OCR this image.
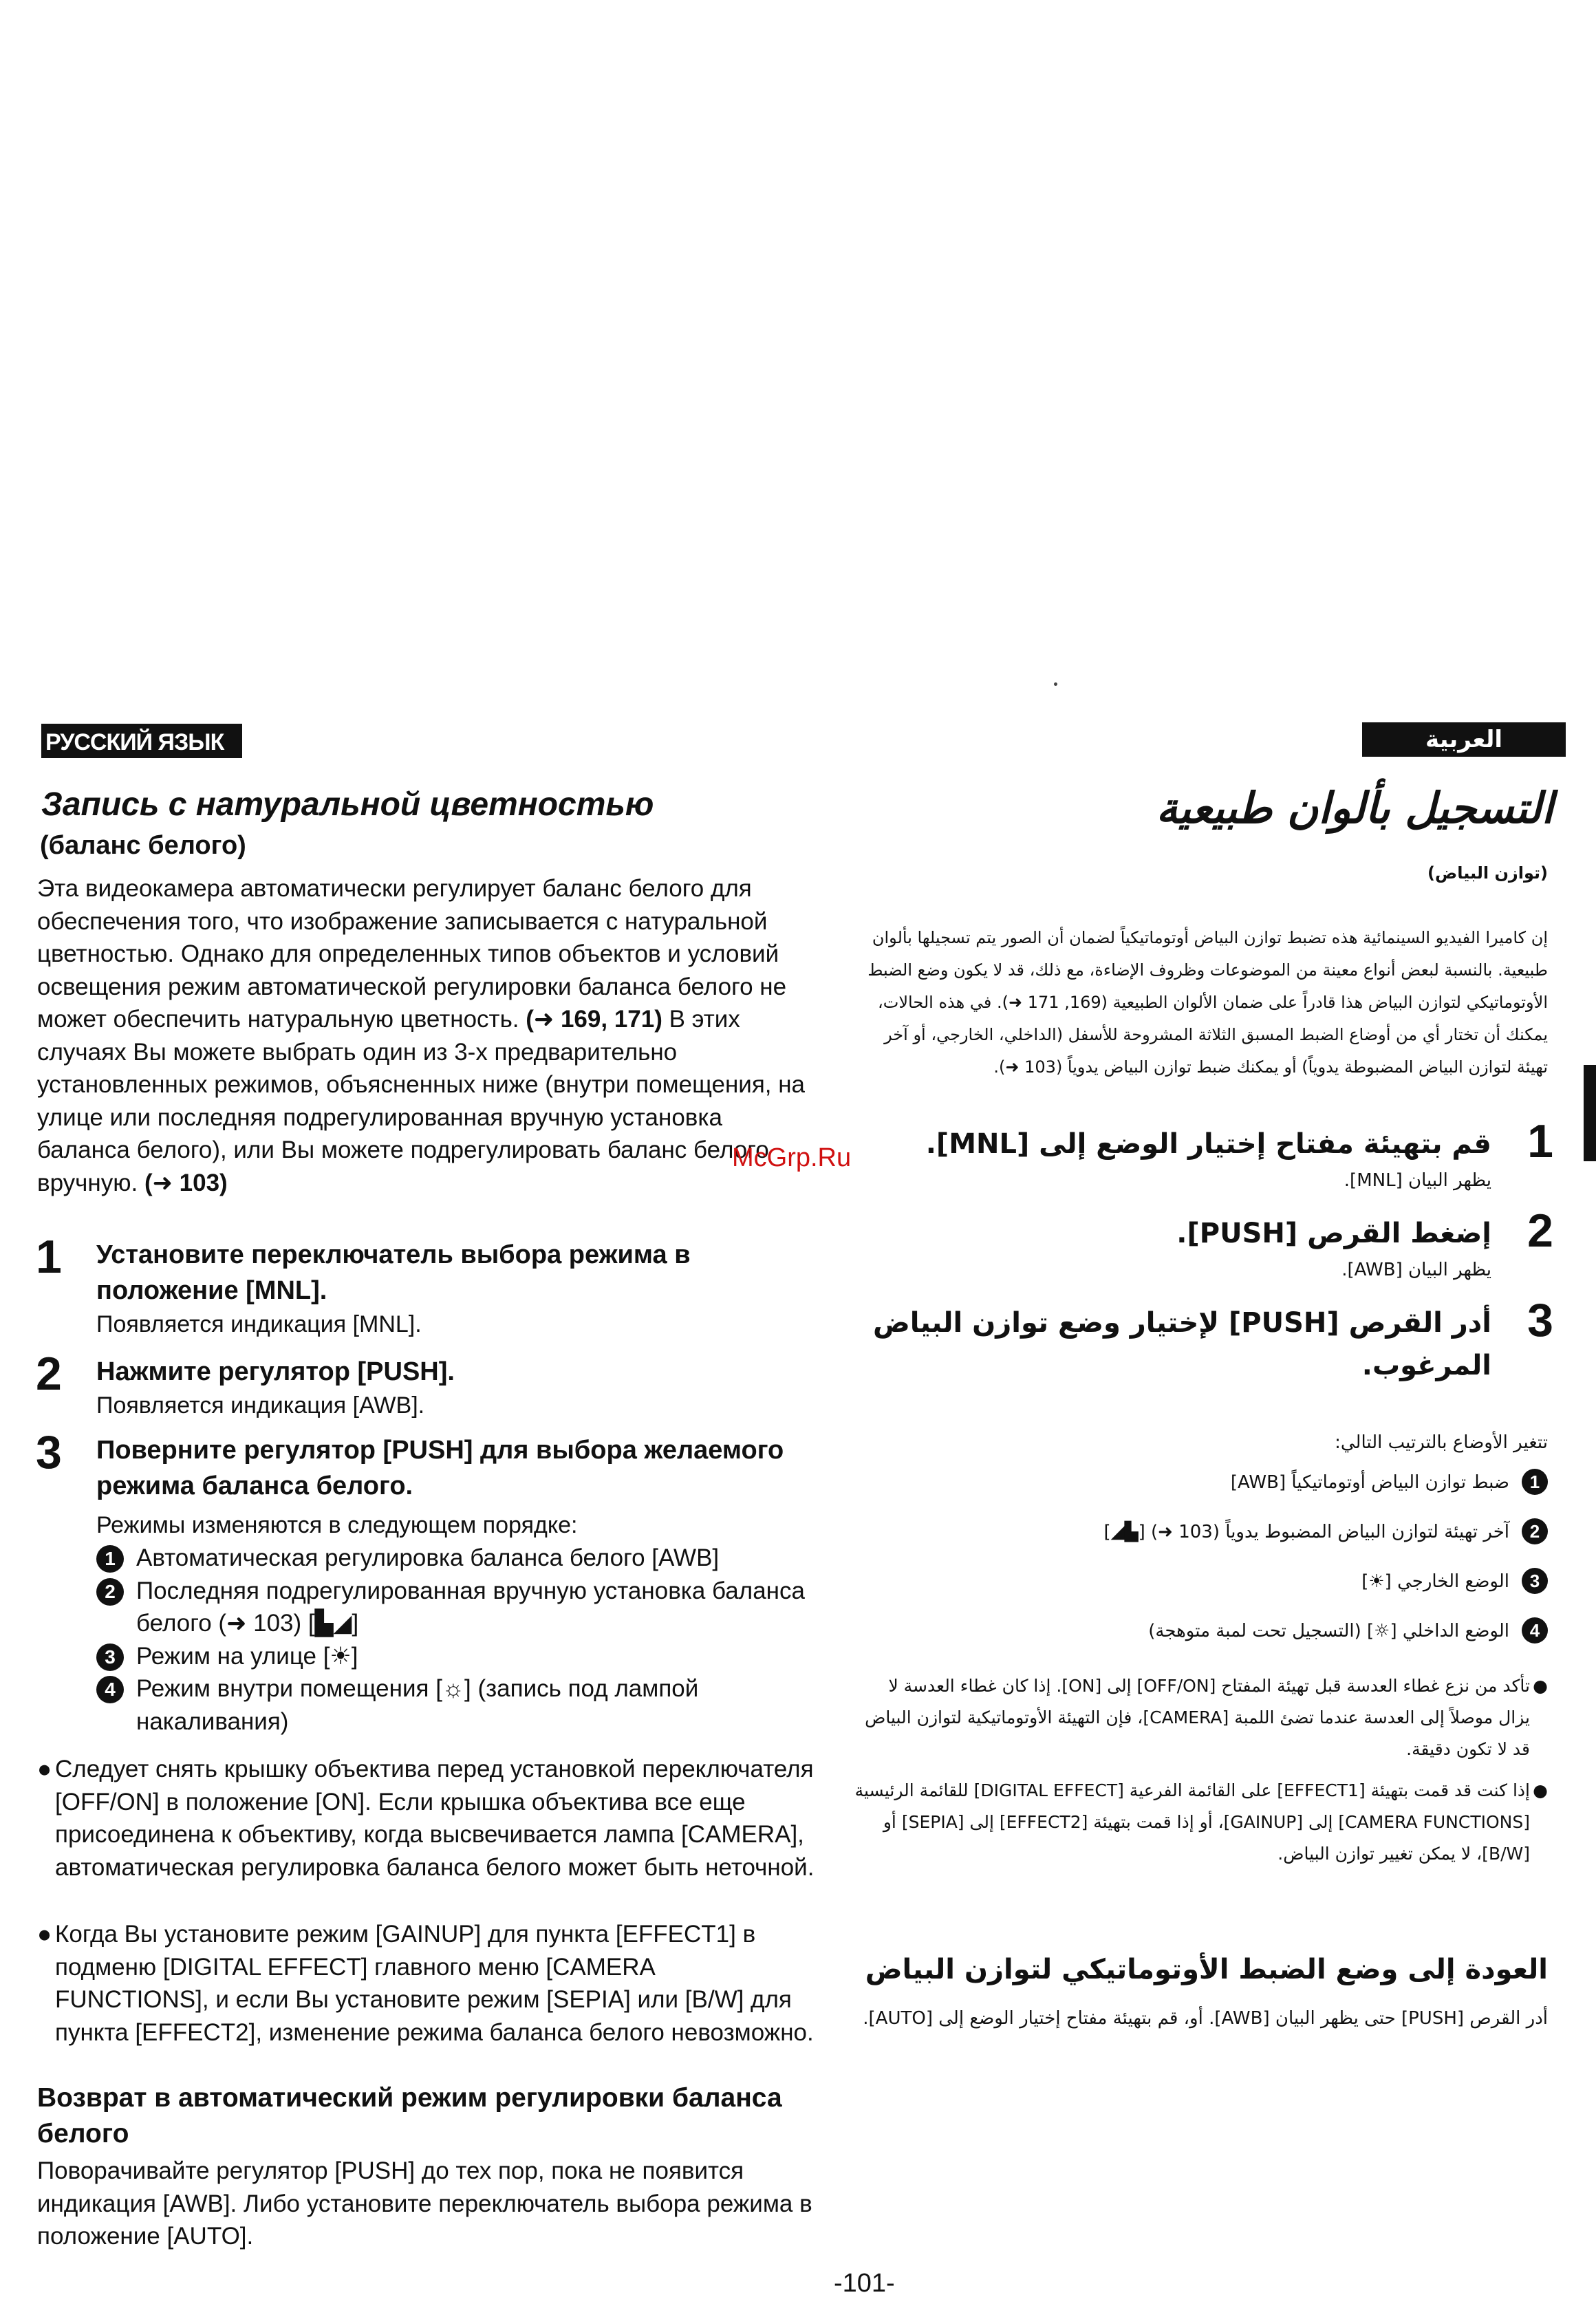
РУССКИЙ ЯЗЫК
Запись с натуральной цветностью
(баланс белого)

Эта видеокамера автоматически регулирует баланс белого для обеспечения того, что изображение записывается с натуральной цветностью. Однако для определенных типов объектов и условий освещения режим автоматической регулировки баланса белого не может обеспечить натуральную цветность. (➜ 169, 171) В этих случаях Вы можете выбрать один из 3-х предварительно установленных режимов, объясненных ниже (внутри помещения, на улице или последняя подрегулированная вручную установка баланса белого), или Вы можете подрегулировать баланс белого вручную. (➜ 103)

1 Установите переключатель выбора режима в положение [MNL].
Появляется индикация [MNL].
2 Нажмите регулятор [PUSH].
Появляется индикация [AWB].
3 Поверните регулятор [PUSH] для выбора желаемого режима баланса белого.
Режимы изменяются в следующем порядке:
1 Автоматическая регулировка баланса белого [AWB]
2 Последняя подрегулированная вручную установка баланса белого (➜ 103) [▙◢]
3 Режим на улице [☀]
4 Режим внутри помещения [☼] (запись под лампой накаливания)
● Следует снять крышку объектива перед установкой переключателя [OFF/ON] в положение [ON]. Если крышка объектива все еще присоединена к объективу, когда высвечивается лампа [CAMERA], автоматическая регулировка баланса белого может быть неточной.
● Когда Вы установите режим [GAINUP] для пункта [EFFECT1] в подменю [DIGITAL EFFECT] главного меню [CAMERA FUNCTIONS], и если Вы установите режим [SEPIA] или [B/W] для пункта [EFFECT2], изменение режима баланса белого невозможно.
Возврат в автоматический режим регулировки баланса белого
Поворачивайте регулятор [PUSH] до тех пор, пока не появится индикация [AWB]. Либо установите переключатель выбора режима в положение [AUTO].
McGrp.Ru
العربية
التسجيل بألوان طبيعية
(توازن البياض)
إن كاميرا الفيديو السينمائية هذه تضبط توازن البياض أوتوماتيكياً لضمان أن الصور يتم تسجيلها بألوان طبيعية. بالنسبة لبعض أنواع معينة من الموضوعات وظروف الإضاءة، مع ذلك، قد لا يكون وضع الضبط الأوتوماتيكي لتوازن البياض هذا قادراً على ضمان الألوان الطبيعية (169, 171 ➜). في هذه الحالات، يمكنك أن تختار أي من أوضاع الضبط المسبق الثلاثة المشروحة للأسفل (الداخلي، الخارجي، أو آخر تهيئة لتوازن البياض المضبوطة يدوياً) أو يمكنك ضبط توازن البياض يدوياً (103 ➜).
1
قم بتهيئة مفتاح إختيار الوضع إلى [MNL].
يظهر البيان [MNL].
2
إضغط القرص [PUSH].
يظهر البيان [AWB].
3
أدر القرص [PUSH] لإختيار وضع توازن البياض المرغوب.
تتغير الأوضاع بالترتيب التالي:
1
ضبط توازن البياض أوتوماتيكياً [AWB]
2
آخر تهيئة لتوازن البياض المضبوط يدوياً (103 ➜) [▙◢]
3
الوضع الخارجي [☀]
4
الوضع الداخلي [☼] (التسجيل تحت لمبة متوهجة)
●
تأكد من نزع غطاء العدسة قبل تهيئة المفتاح [OFF/ON] إلى [ON]. إذا كان غطاء العدسة لا يزال موصلاً إلى العدسة عندما تضئ اللمبة [CAMERA]، فإن التهيئة الأوتوماتيكية لتوازن البياض قد لا تكون دقيقة.
●
إذا كنت قد قمت بتهيئة [EFFECT1] على القائمة الفرعية [DIGITAL EFFECT] للقائمة الرئيسية [CAMERA FUNCTIONS] إلى [GAINUP]، أو إذا قمت بتهيئة [EFFECT2] إلى [SEPIA] أو [B/W]، لا يمكن تغيير توازن البياض.
العودة إلى وضع الضبط الأوتوماتيكي لتوازن البياض
أدر القرص [PUSH] حتى يظهر البيان [AWB]. أو، قم بتهيئة مفتاح إختيار الوضع إلى [AUTO].
-101-
